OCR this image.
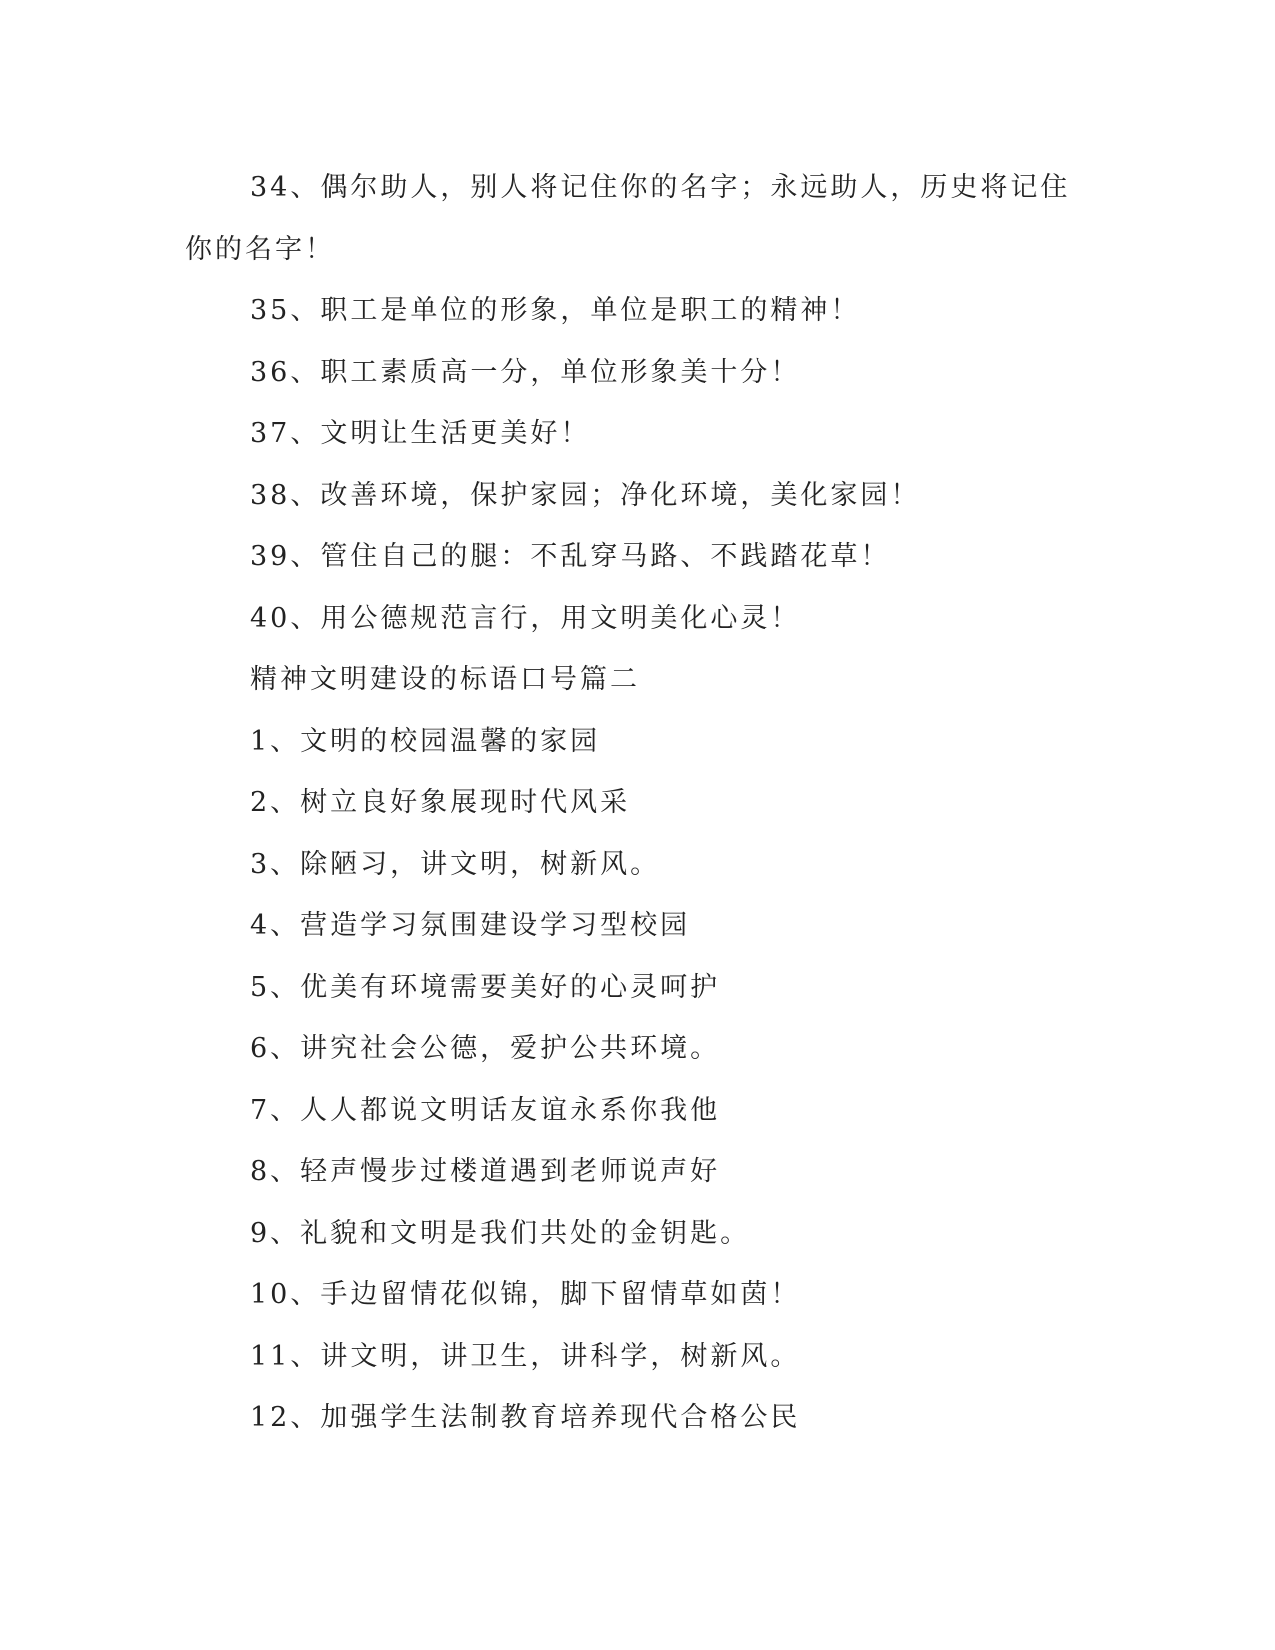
34、偶尔助人，别人将记住你的名字；永远助人，历史将记住你的名字！

35、职工是单位的形象，单位是职工的精神！

36、职工素质高一分，单位形象美十分！

37、文明让生活更美好！

38、改善环境，保护家园；净化环境，美化家园！

39、管住自己的腿：不乱穿马路、不践踏花草！

40、用公德规范言行，用文明美化心灵！

精神文明建设的标语口号篇二

1、文明的校园温馨的家园

2、树立良好象展现时代风采

3、除陋习，讲文明，树新风。

4、营造学习氛围建设学习型校园

5、优美有环境需要美好的心灵呵护

6、讲究社会公德，爱护公共环境。

7、人人都说文明话友谊永系你我他

8、轻声慢步过楼道遇到老师说声好

9、礼貌和文明是我们共处的金钥匙。

10、手边留情花似锦，脚下留情草如茵！

11、讲文明，讲卫生，讲科学，树新风。

12、加强学生法制教育培养现代合格公民
